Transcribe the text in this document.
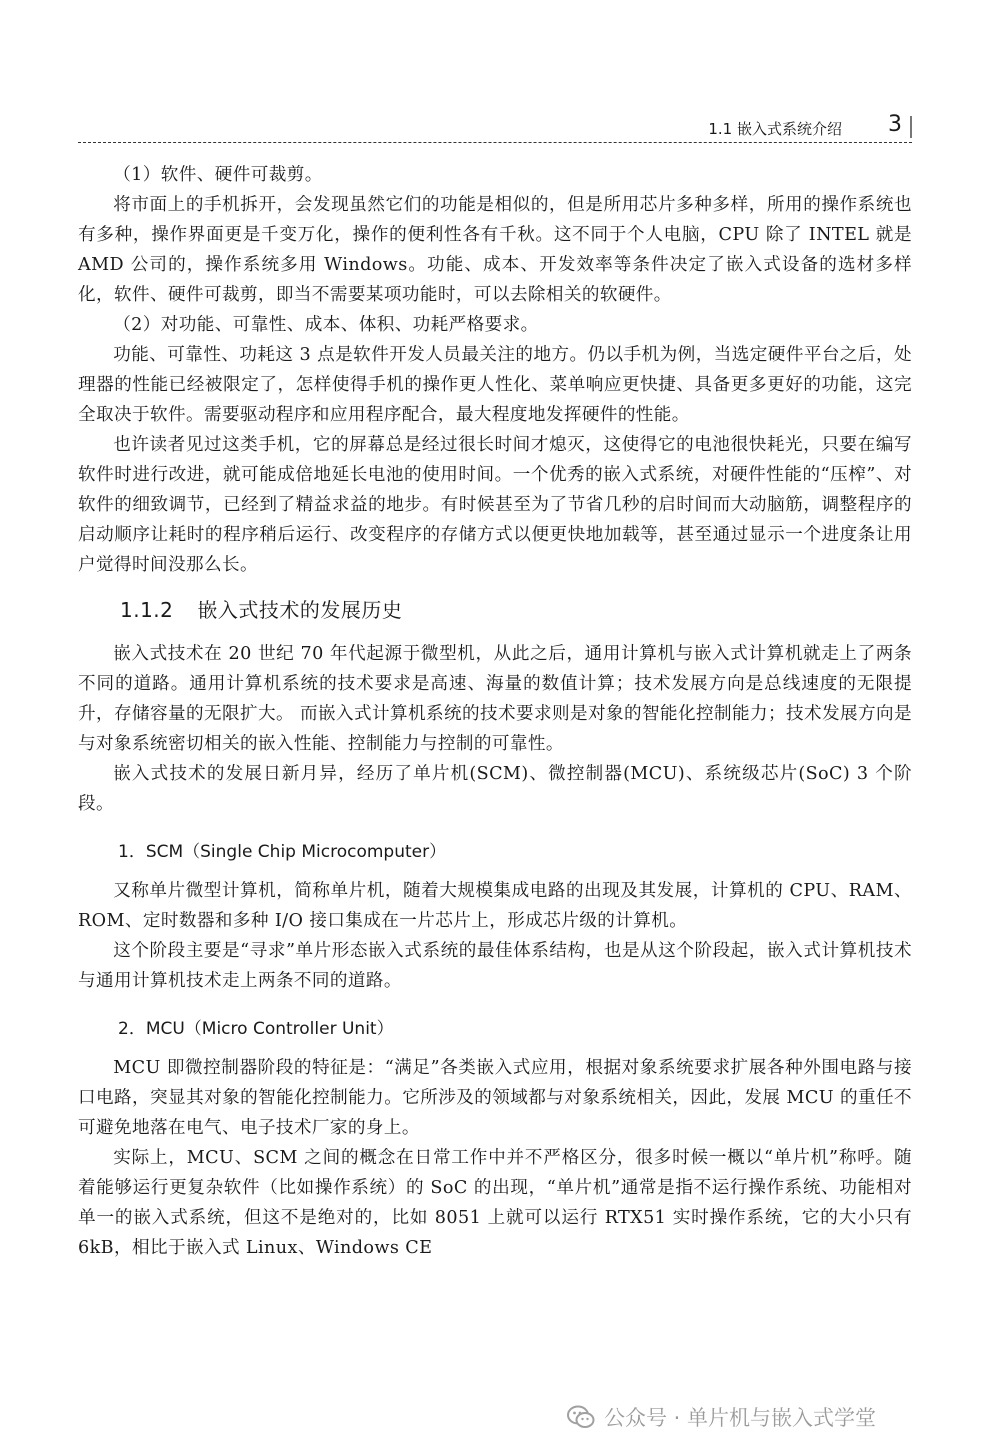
1.1 嵌入式系统介绍 3

（1）软件、硬件可裁剪。

将市面上的手机拆开，会发现虽然它们的功能是相似的，但是所用芯片多种多样，所用的操作系统也有多种，操作界面更是千变万化，操作的便利性各有千秋。这不同于个人电脑，CPU 除了 INTEL 就是 AMD 公司的，操作系统多用 Windows。功能、成本、开发效率等条件决定了嵌入式设备的选材多样化，软件、硬件可裁剪，即当不需要某项功能时，可以去除相关的软硬件。

（2）对功能、可靠性、成本、体积、功耗严格要求。

功能、可靠性、功耗这 3 点是软件开发人员最关注的地方。仍以手机为例，当选定硬件平台之后，处理器的性能已经被限定了，怎样使得手机的操作更人性化、菜单响应更快捷、具备更多更好的功能，这完全取决于软件。需要驱动程序和应用程序配合，最大程度地发挥硬件的性能。

也许读者见过这类手机，它的屏幕总是经过很长时间才熄灭，这使得它的电池很快耗光，只要在编写软件时进行改进，就可能成倍地延长电池的使用时间。一个优秀的嵌入式系统，对硬件性能的“压榨”、对软件的细致调节，已经到了精益求益的地步。有时候甚至为了节省几秒的启时间而大动脑筋，调整程序的启动顺序让耗时的程序稍后运行、改变程序的存储方式以便更快地加载等，甚至通过显示一个进度条让用户觉得时间没那么长。

1.1.2 嵌入式技术的发展历史

嵌入式技术在 20 世纪 70 年代起源于微型机，从此之后，通用计算机与嵌入式计算机就走上了两条不同的道路。通用计算机系统的技术要求是高速、海量的数值计算；技术发展方向是总线速度的无限提升，存储容量的无限扩大。 而嵌入式计算机系统的技术要求则是对象的智能化控制能力；技术发展方向是与对象系统密切相关的嵌入性能、控制能力与控制的可靠性。

嵌入式技术的发展日新月异，经历了单片机(SCM)、微控制器(MCU)、系统级芯片(SoC) 3 个阶段。

1．SCM（Single Chip Microcomputer）

又称单片微型计算机，简称单片机，随着大规模集成电路的出现及其发展，计算机的 CPU、RAM、ROM、定时数器和多种 I/O 接口集成在一片芯片上，形成芯片级的计算机。

这个阶段主要是“寻求”单片形态嵌入式系统的最佳体系结构，也是从这个阶段起，嵌入式计算机技术与通用计算机技术走上两条不同的道路。

2．MCU（Micro Controller Unit）

MCU 即微控制器阶段的特征是：“满足”各类嵌入式应用，根据对象系统要求扩展各种外围电路与接口电路，突显其对象的智能化控制能力。它所涉及的领域都与对象系统相关，因此，发展 MCU 的重任不可避免地落在电气、电子技术厂家的身上。

实际上，MCU、SCM 之间的概念在日常工作中并不严格区分，很多时候一概以“单片机”称呼。随着能够运行更复杂软件（比如操作系统）的 SoC 的出现，“单片机”通常是指不运行操作系统、功能相对单一的嵌入式系统，但这不是绝对的，比如 8051 上就可以运行 RTX51 实时操作系统，它的大小只有 6kB，相比于嵌入式 Linux、Windows CE

公众号 · 单片机与嵌入式学堂
